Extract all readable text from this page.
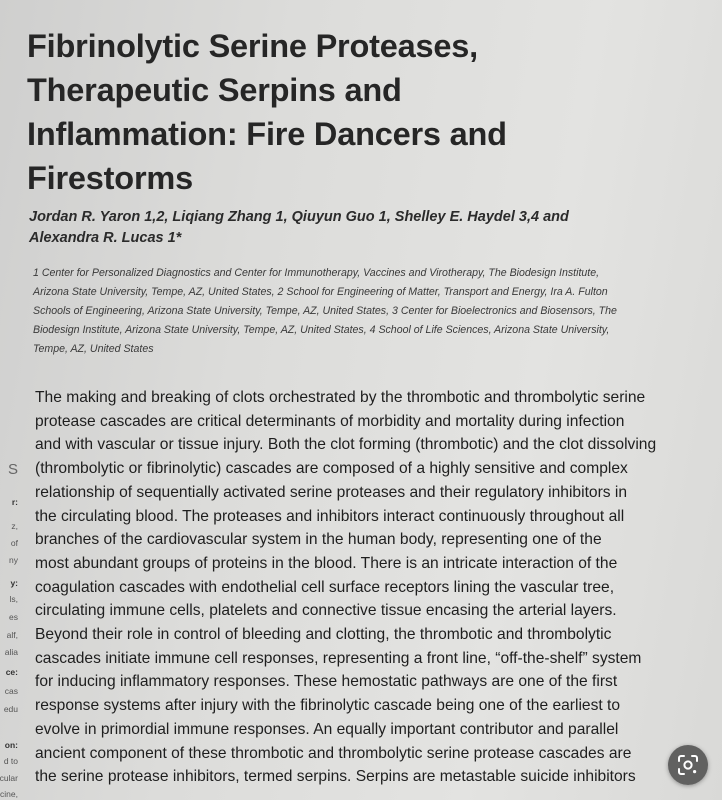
S
r:
z,
of
ny
y:
ls,
es
alf,
alia
ce:
cas
edu
on:
d to
cular
cine,
Fibrinolytic Serine Proteases,
Therapeutic Serpins and
Inflammation: Fire Dancers and
Firestorms
Jordan R. Yaron 1,2, Liqiang Zhang 1, Qiuyun Guo 1, Shelley E. Haydel 3,4 and
Alexandra R. Lucas 1*
1 Center for Personalized Diagnostics and Center for Immunotherapy, Vaccines and Virotherapy, The Biodesign Institute,
Arizona State University, Tempe, AZ, United States, 2 School for Engineering of Matter, Transport and Energy, Ira A. Fulton
Schools of Engineering, Arizona State University, Tempe, AZ, United States, 3 Center for Bioelectronics and Biosensors, The
Biodesign Institute, Arizona State University, Tempe, AZ, United States, 4 School of Life Sciences, Arizona State University,
Tempe, AZ, United States
The making and breaking of clots orchestrated by the thrombotic and thrombolytic serine
protease cascades are critical determinants of morbidity and mortality during infection
and with vascular or tissue injury. Both the clot forming (thrombotic) and the clot dissolving
(thrombolytic or fibrinolytic) cascades are composed of a highly sensitive and complex
relationship of sequentially activated serine proteases and their regulatory inhibitors in
the circulating blood. The proteases and inhibitors interact continuously throughout all
branches of the cardiovascular system in the human body, representing one of the
most abundant groups of proteins in the blood. There is an intricate interaction of the
coagulation cascades with endothelial cell surface receptors lining the vascular tree,
circulating immune cells, platelets and connective tissue encasing the arterial layers.
Beyond their role in control of bleeding and clotting, the thrombotic and thrombolytic
cascades initiate immune cell responses, representing a front line, “off-the-shelf” system
for inducing inflammatory responses. These hemostatic pathways are one of the first
response systems after injury with the fibrinolytic cascade being one of the earliest to
evolve in primordial immune responses. An equally important contributor and parallel
ancient component of these thrombotic and thrombolytic serine protease cascades are
the serine protease inhibitors, termed serpins. Serpins are metastable suicide inhibitors
